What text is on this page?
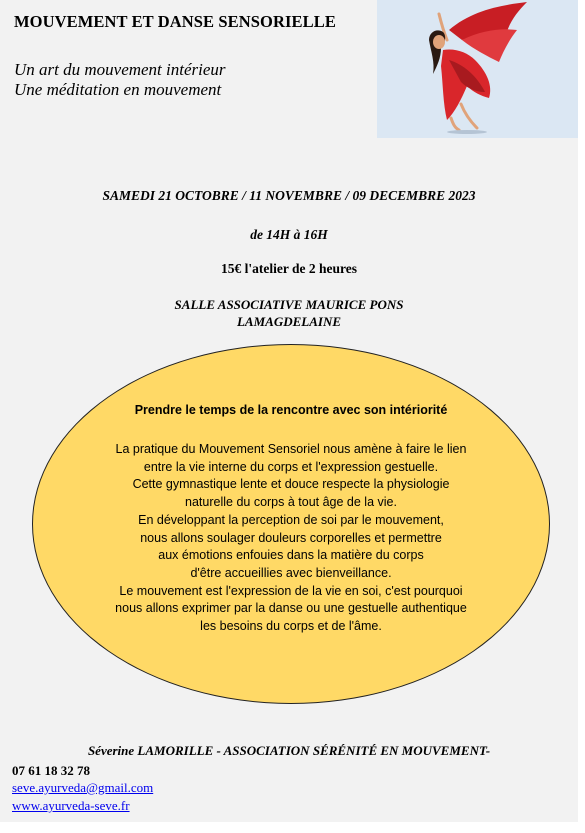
MOUVEMENT ET DANSE SENSORIELLE
Un art du mouvement intérieur
Une méditation en mouvement
SAMEDI 21 OCTOBRE / 11 NOVEMBRE / 09 DECEMBRE 2023
de 14H à 16H
15€ l'atelier de 2 heures
SALLE ASSOCIATIVE MAURICE PONS
LAMAGDELAINE
Prendre le temps de la rencontre avec son intériorité
La pratique du Mouvement Sensoriel nous amène à faire le lien
entre la vie interne du corps et l'expression gestuelle.
Cette gymnastique lente et douce respecte la physiologie
naturelle du corps à tout âge de la vie.
En développant la perception de soi par le mouvement,
nous allons soulager douleurs corporelles et permettre
aux émotions enfouies dans la matière du corps
d'être accueillies avec bienveillance.
Le mouvement est l'expression de la vie en soi, c'est pourquoi
nous allons exprimer par la danse ou une gestuelle authentique
les besoins du corps et de l'âme.
Séverine LAMORILLE - ASSOCIATION SÉRÉNITÉ EN MOUVEMENT-
07 61 18 32 78
seve.ayurveda@gmail.com
www.ayurveda-seve.fr
